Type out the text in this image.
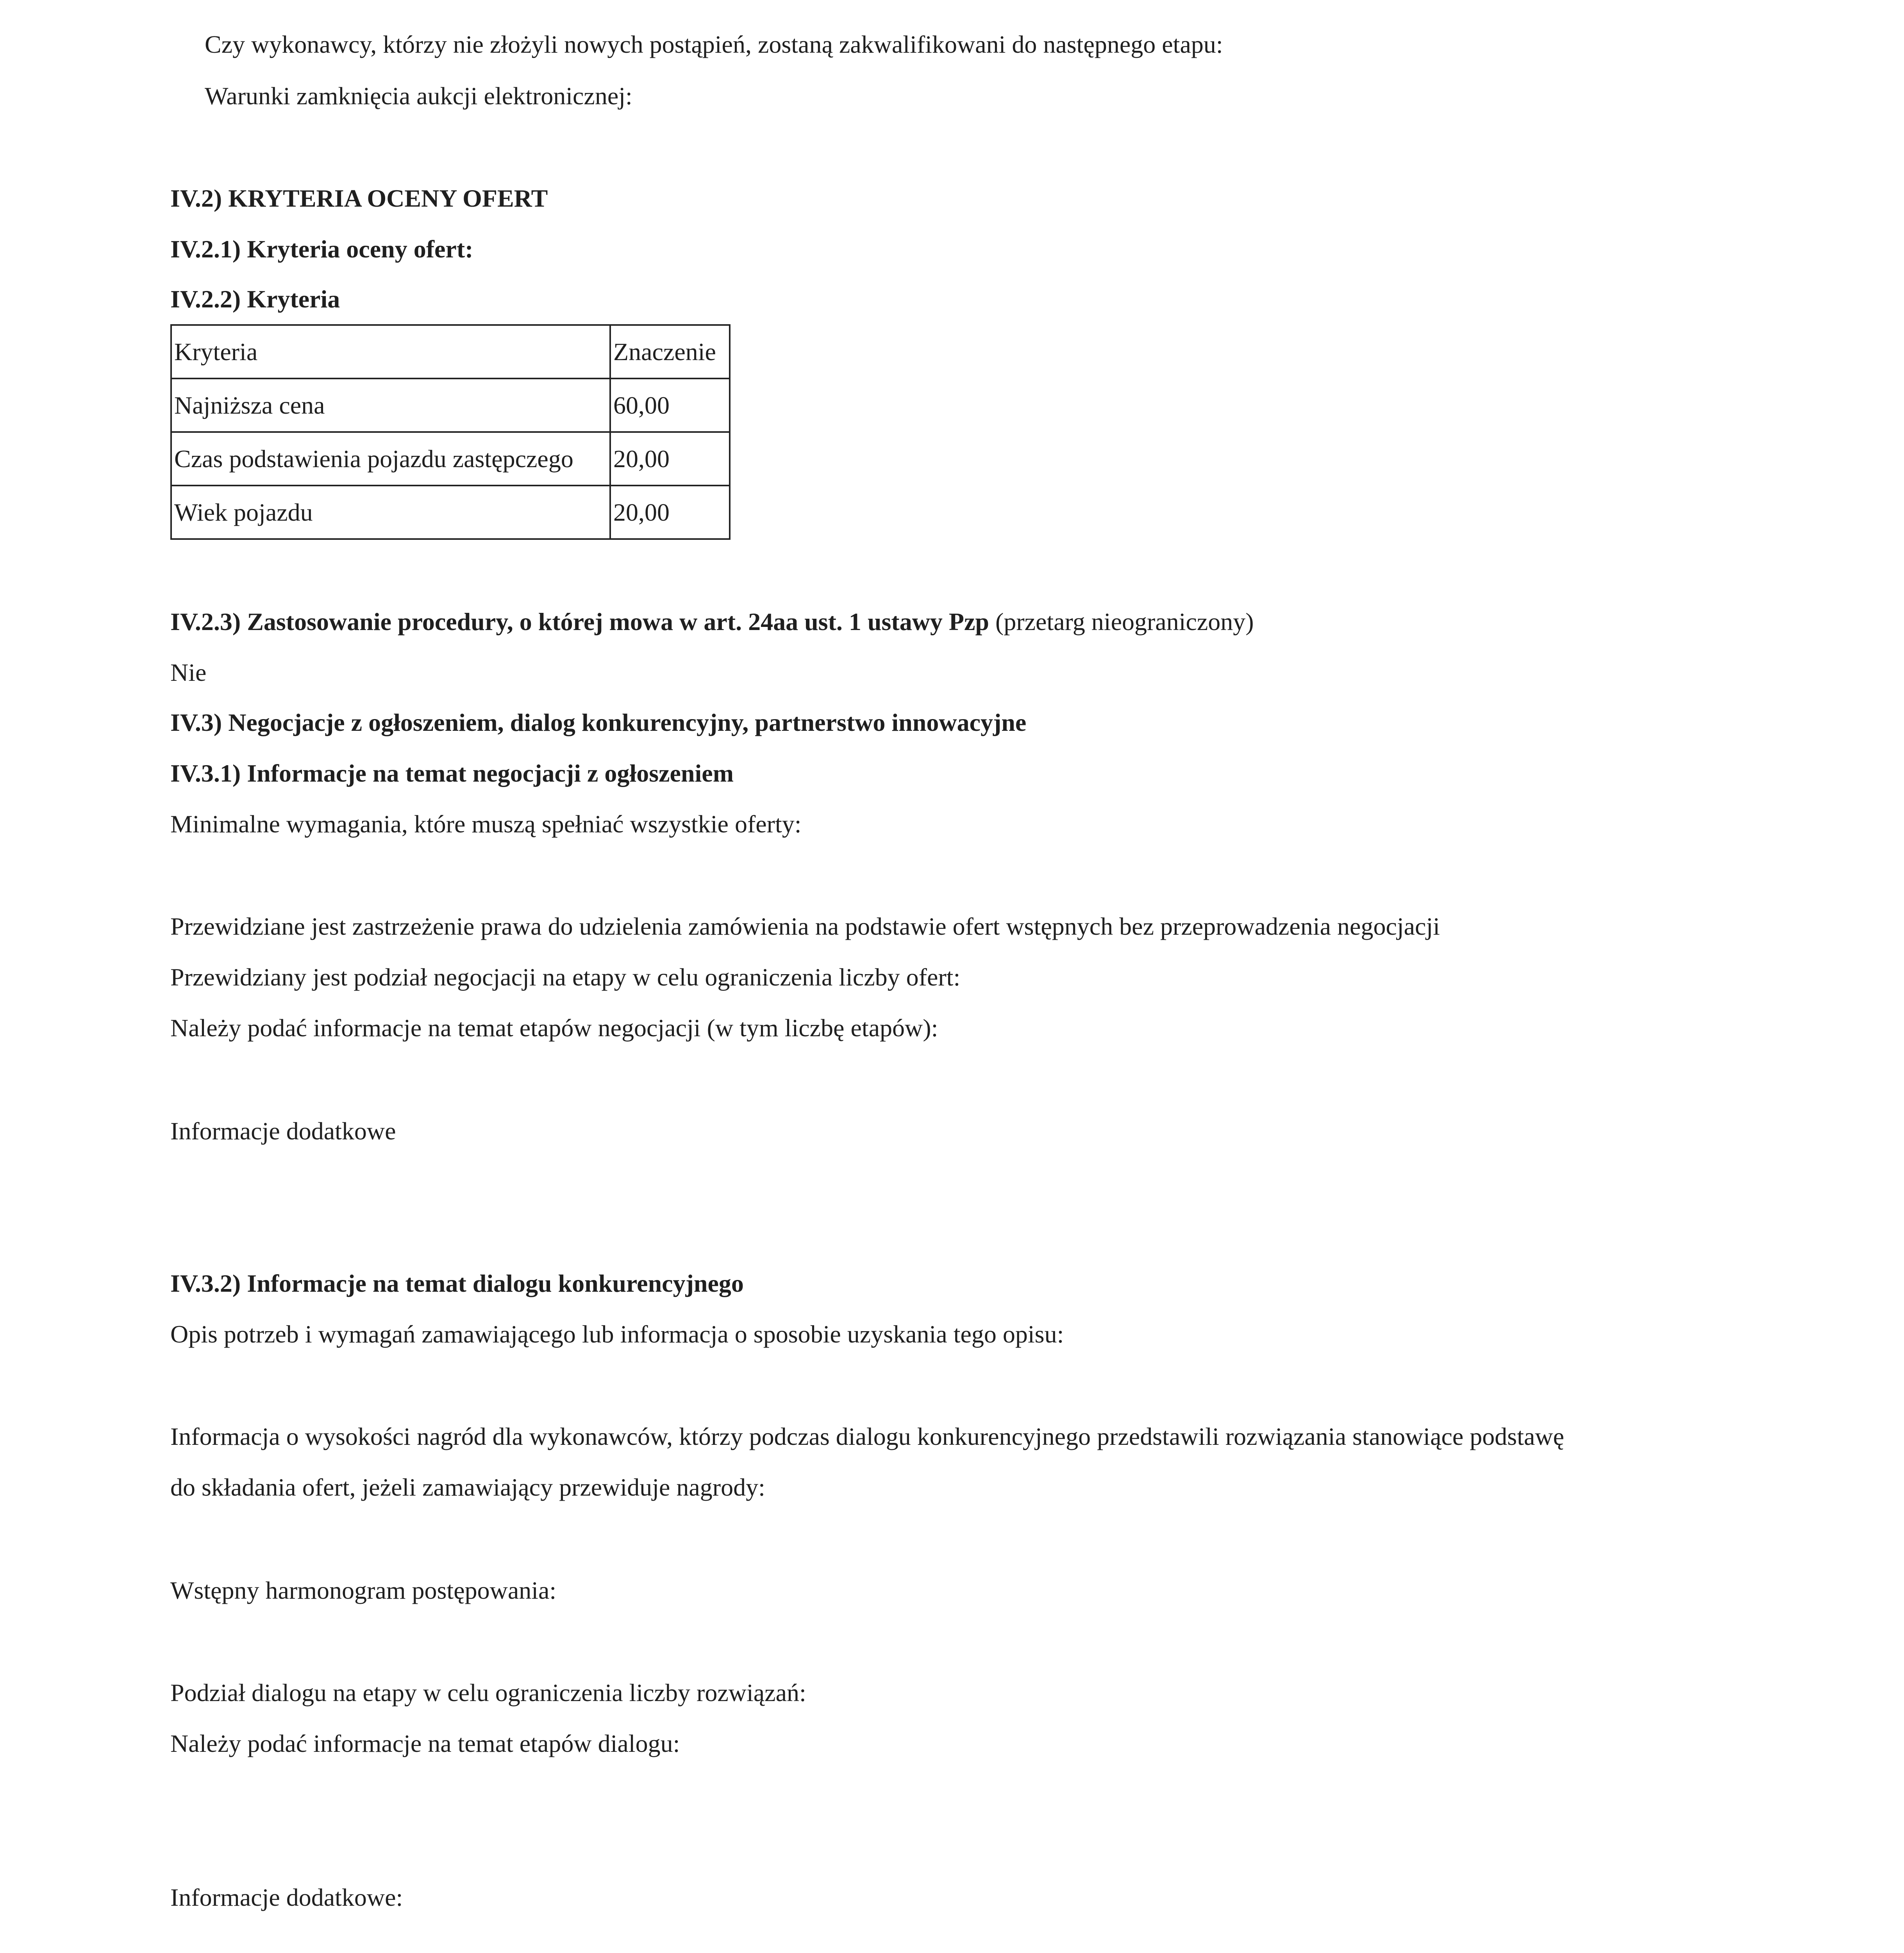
Czy wykonawcy, którzy nie złożyli nowych postąpień, zostaną zakwalifikowani do następnego etapu:
Warunki zamknięcia aukcji elektronicznej:
IV.2) KRYTERIA OCENY OFERT
IV.2.1) Kryteria oceny ofert:
IV.2.2) Kryteria
Kryteria	Znaczenie
Najniższa cena	60,00
Czas podstawienia pojazdu zastępczego	20,00
Wiek pojazdu	20,00
IV.2.3) Zastosowanie procedury, o której mowa w art. 24aa ust. 1 ustawy Pzp (przetarg nieograniczony)
Nie
IV.3) Negocjacje z ogłoszeniem, dialog konkurencyjny, partnerstwo innowacyjne
IV.3.1) Informacje na temat negocjacji z ogłoszeniem
Minimalne wymagania, które muszą spełniać wszystkie oferty:
Przewidziane jest zastrzeżenie prawa do udzielenia zamówienia na podstawie ofert wstępnych bez przeprowadzenia negocjacji
Przewidziany jest podział negocjacji na etapy w celu ograniczenia liczby ofert:
Należy podać informacje na temat etapów negocjacji (w tym liczbę etapów):
Informacje dodatkowe
IV.3.2) Informacje na temat dialogu konkurencyjnego
Opis potrzeb i wymagań zamawiającego lub informacja o sposobie uzyskania tego opisu:
Informacja o wysokości nagród dla wykonawców, którzy podczas dialogu konkurencyjnego przedstawili rozwiązania stanowiące podstawę
do składania ofert, jeżeli zamawiający przewiduje nagrody:
Wstępny harmonogram postępowania:
Podział dialogu na etapy w celu ograniczenia liczby rozwiązań:
Należy podać informacje na temat etapów dialogu:
Informacje dodatkowe:
